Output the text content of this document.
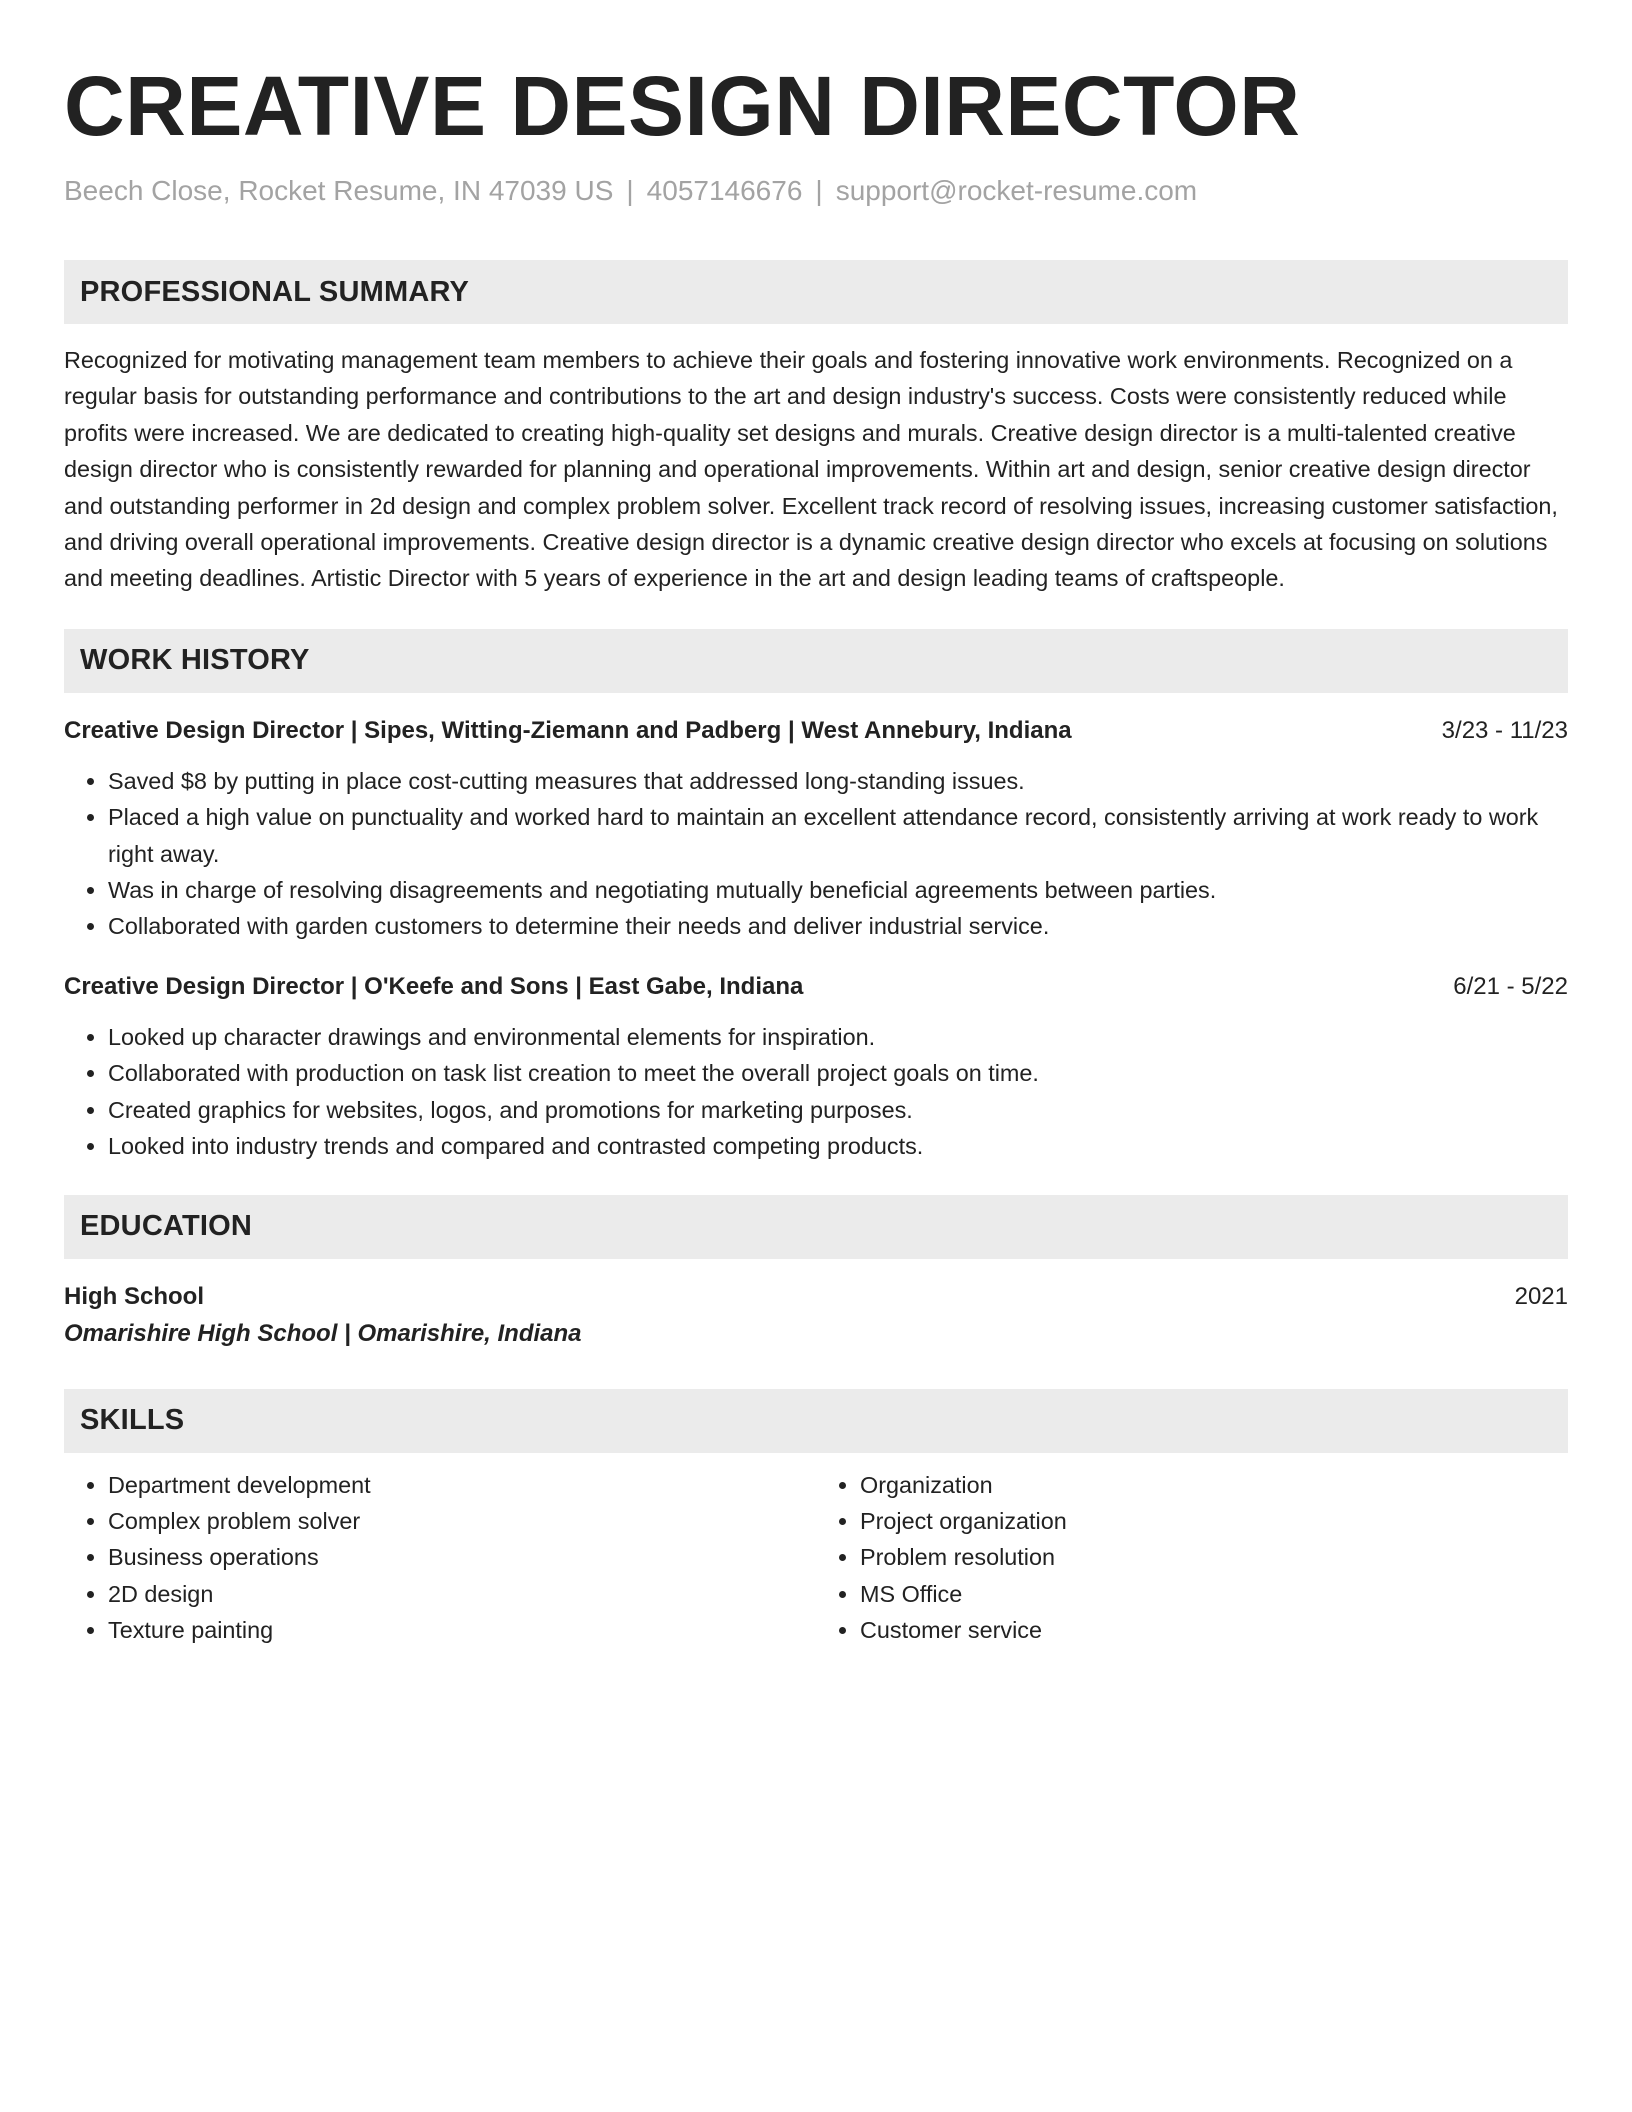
CREATIVE DESIGN DIRECTOR
Beech Close, Rocket Resume, IN 47039 US | 4057146676 | support@rocket-resume.com
PROFESSIONAL SUMMARY
Recognized for motivating management team members to achieve their goals and fostering innovative work environments. Recognized on a regular basis for outstanding performance and contributions to the art and design industry's success. Costs were consistently reduced while profits were increased. We are dedicated to creating high-quality set designs and murals. Creative design director is a multi-talented creative design director who is consistently rewarded for planning and operational improvements. Within art and design, senior creative design director and outstanding performer in 2d design and complex problem solver. Excellent track record of resolving issues, increasing customer satisfaction, and driving overall operational improvements. Creative design director is a dynamic creative design director who excels at focusing on solutions and meeting deadlines. Artistic Director with 5 years of experience in the art and design leading teams of craftspeople.
WORK HISTORY
Creative Design Director | Sipes, Witting-Ziemann and Padberg | West Annebury, Indiana	3/23 - 11/23
• Saved $8 by putting in place cost-cutting measures that addressed long-standing issues.
• Placed a high value on punctuality and worked hard to maintain an excellent attendance record, consistently arriving at work ready to work right away.
• Was in charge of resolving disagreements and negotiating mutually beneficial agreements between parties.
• Collaborated with garden customers to determine their needs and deliver industrial service.
Creative Design Director | O'Keefe and Sons | East Gabe, Indiana	6/21 - 5/22
• Looked up character drawings and environmental elements for inspiration.
• Collaborated with production on task list creation to meet the overall project goals on time.
• Created graphics for websites, logos, and promotions for marketing purposes.
• Looked into industry trends and compared and contrasted competing products.
EDUCATION
High School	2021
Omarishire High School | Omarishire, Indiana
SKILLS
• Department development
• Complex problem solver
• Business operations
• 2D design
• Texture painting
• Organization
• Project organization
• Problem resolution
• MS Office
• Customer service
